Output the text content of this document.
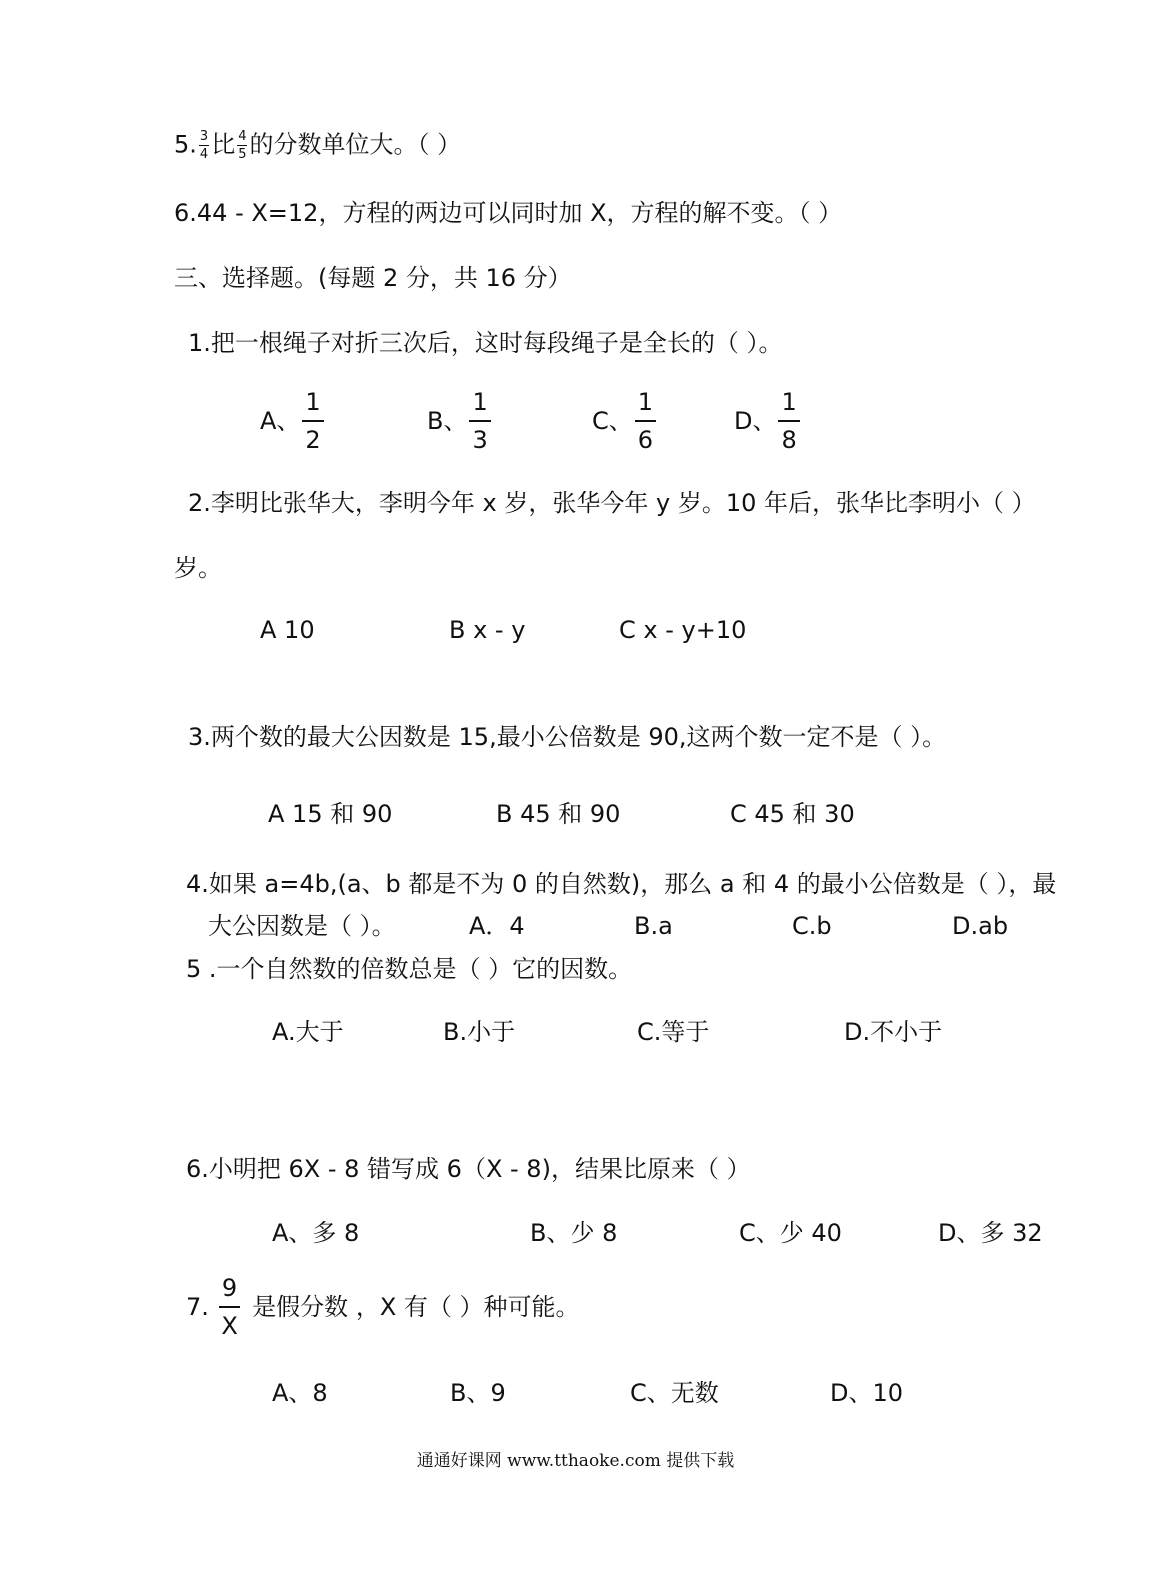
5. $\frac{3}{4}$ 比 $\frac{4}{5}$ 的分数单位大。（ ）
6.44 - X=12，方程的两边可以同时加 X，方程的解不变。（ ）
三、选择题。(每题 2 分，共 16 分）
1.把一根绳子对折三次后，这时每段绳子是全长的（ ）。
A、 $\frac{1}{2}$	B、 $\frac{1}{3}$	C、 $\frac{1}{6}$	D、 $\frac{1}{8}$
2.李明比张华大，李明今年 x 岁，张华今年 y 岁。10 年后，张华比李明小（ ）
岁。
A 10	B x - y	C x - y+10
3.两个数的最大公因数是 15,最小公倍数是 90,这两个数一定不是（ ）。
A 15 和 90	B 45 和 90	C 45 和 30
4.如果 a=4b,(a、b 都是不为 0 的自然数)，那么 a 和 4 的最小公倍数是（ ），最
大公因数是（ ）。	A．4	B.a	C.b	D.ab
5 .一个自然数的倍数总是（ ）它的因数。
A.大于	B.小于	C.等于	D.不小于
6.小明把 6X - 8 错写成 6（X - 8)，结果比原来（ ）
A、多 8	B、少 8	C、少 40	D、多 32
7. $\frac{9}{X}$ 是假分数 ，X 有（ ）种可能。
A、8	B、9	C、无数	D、10
通通好课网 www.tthaoke.com 提供下载
